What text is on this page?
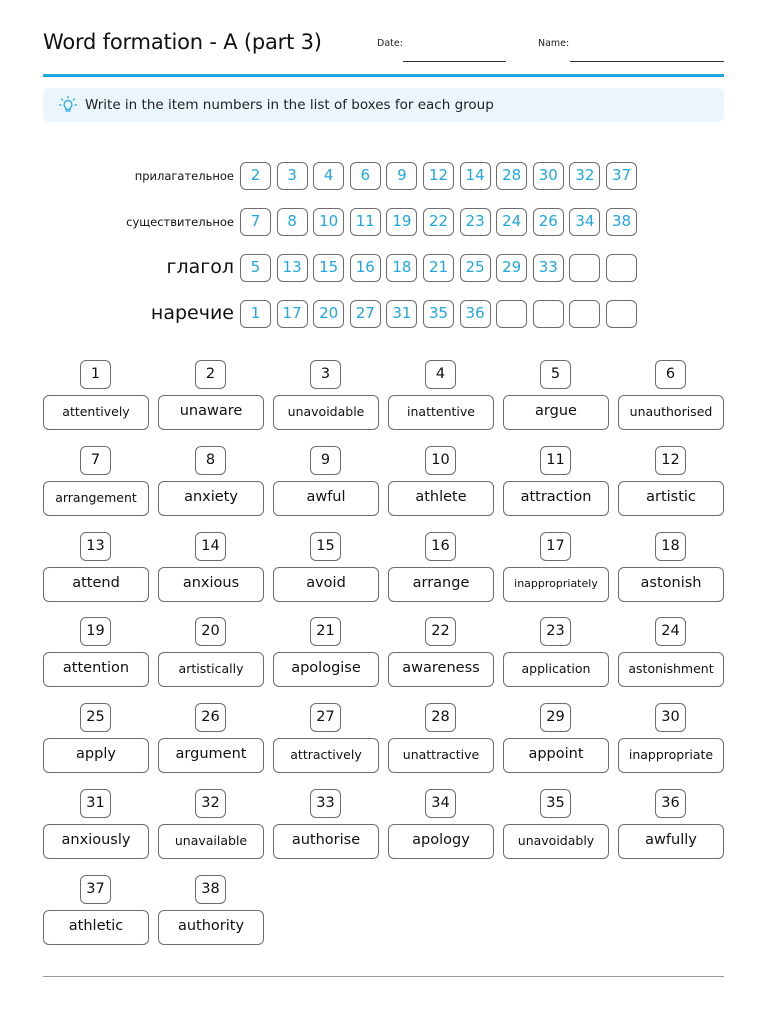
Word formation - A (part 3)	Date:	Name:
Write in the item numbers in the list of boxes for each group
прилагательное	2	3	4	6	9	12	14	28	30	32	37
существительное	7	8	10	11	19	22	23	24	26	34	38
глагол	5	13	15	16	18	21	25	29	33
наречие	1	17	20	27	31	35	36
1
attentively
2
unaware
3
unavoidable
4
inattentive
5
argue
6
unauthorised
7
arrangement
8
anxiety
9
awful
10
athlete
11
attraction
12
artistic
13
attend
14
anxious
15
avoid
16
arrange
17
inappropriately
18
astonish
19
attention
20
artistically
21
apologise
22
awareness
23
application
24
astonishment
25
apply
26
argument
27
attractively
28
unattractive
29
appoint
30
inappropriate
31
anxiously
32
unavailable
33
authorise
34
apology
35
unavoidably
36
awfully
37
athletic
38
authority
